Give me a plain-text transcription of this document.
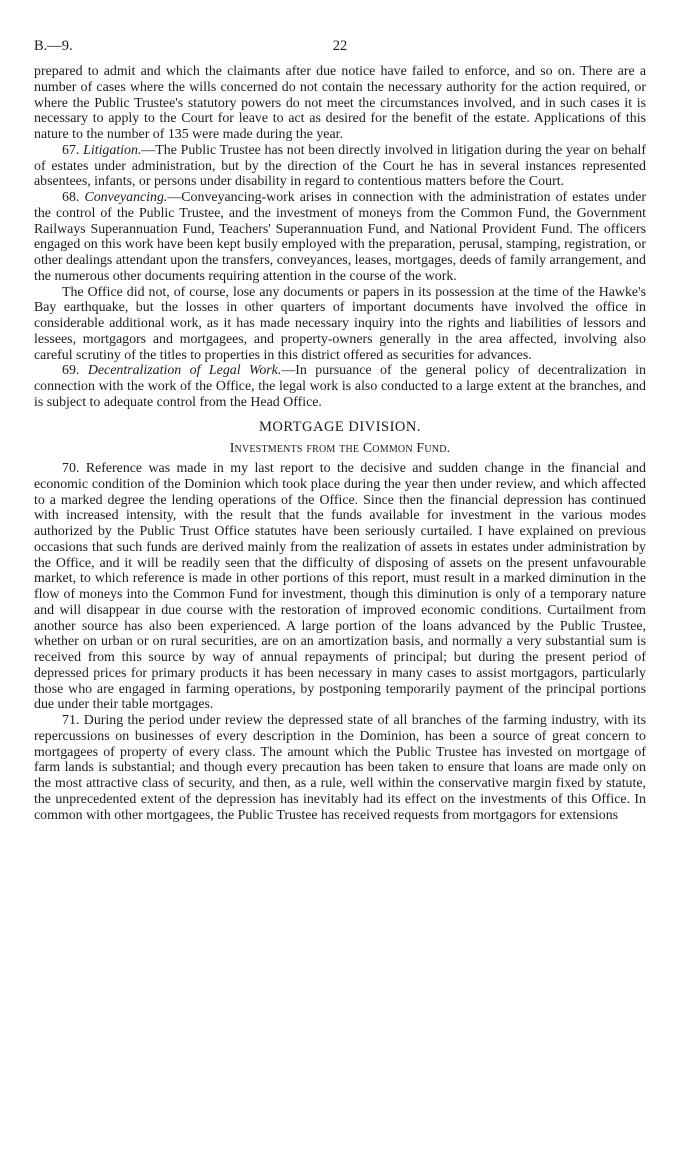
B.—9.	22

prepared to admit and which the claimants after due notice have failed to enforce, and so on. There are a number of cases where the wills concerned do not contain the necessary authority for the action required, or where the Public Trustee's statutory powers do not meet the circumstances involved, and in such cases it is necessary to apply to the Court for leave to act as desired for the benefit of the estate. Applications of this nature to the number of 135 were made during the year.

67. Litigation.—The Public Trustee has not been directly involved in litigation during the year on behalf of estates under administration, but by the direction of the Court he has in several instances represented absentees, infants, or persons under disability in regard to contentious matters before the Court.

68. Conveyancing.—Conveyancing-work arises in connection with the administration of estates under the control of the Public Trustee, and the investment of moneys from the Common Fund, the Government Railways Superannuation Fund, Teachers' Superannuation Fund, and National Provident Fund. The officers engaged on this work have been kept busily employed with the preparation, perusal, stamping, registration, or other dealings attendant upon the transfers, conveyances, leases, mortgages, deeds of family arrangement, and the numerous other documents requiring attention in the course of the work.

The Office did not, of course, lose any documents or papers in its possession at the time of the Hawke's Bay earthquake, but the losses in other quarters of important documents have involved the office in considerable additional work, as it has made necessary inquiry into the rights and liabilities of lessors and lessees, mortgagors and mortgagees, and property-owners generally in the area affected, involving also careful scrutiny of the titles to properties in this district offered as securities for advances.

69. Decentralization of Legal Work.—In pursuance of the general policy of decentralization in connection with the work of the Office, the legal work is also conducted to a large extent at the branches, and is subject to adequate control from the Head Office.

MORTGAGE DIVISION.
Investments from the Common Fund.

70. Reference was made in my last report to the decisive and sudden change in the financial and economic condition of the Dominion which took place during the year then under review, and which affected to a marked degree the lending operations of the Office. Since then the financial depression has continued with increased intensity, with the result that the funds available for investment in the various modes authorized by the Public Trust Office statutes have been seriously curtailed. I have explained on previous occasions that such funds are derived mainly from the realization of assets in estates under administration by the Office, and it will be readily seen that the difficulty of disposing of assets on the present unfavourable market, to which reference is made in other portions of this report, must result in a marked diminution in the flow of moneys into the Common Fund for investment, though this diminution is only of a temporary nature and will disappear in due course with the restoration of improved economic conditions. Curtailment from another source has also been experienced. A large portion of the loans advanced by the Public Trustee, whether on urban or on rural securities, are on an amortization basis, and normally a very substantial sum is received from this source by way of annual repayments of principal; but during the present period of depressed prices for primary products it has been necessary in many cases to assist mortgagors, particularly those who are engaged in farming operations, by postponing temporarily payment of the principal portions due under their table mortgages.

71. During the period under review the depressed state of all branches of the farming industry, with its repercussions on businesses of every description in the Dominion, has been a source of great concern to mortgagees of property of every class. The amount which the Public Trustee has invested on mortgage of farm lands is substantial; and though every precaution has been taken to ensure that loans are made only on the most attractive class of security, and then, as a rule, well within the conservative margin fixed by statute, the unprecedented extent of the depression has inevitably had its effect on the investments of this Office. In common with other mortgagees, the Public Trustee has received requests from mortgagors for extensions
